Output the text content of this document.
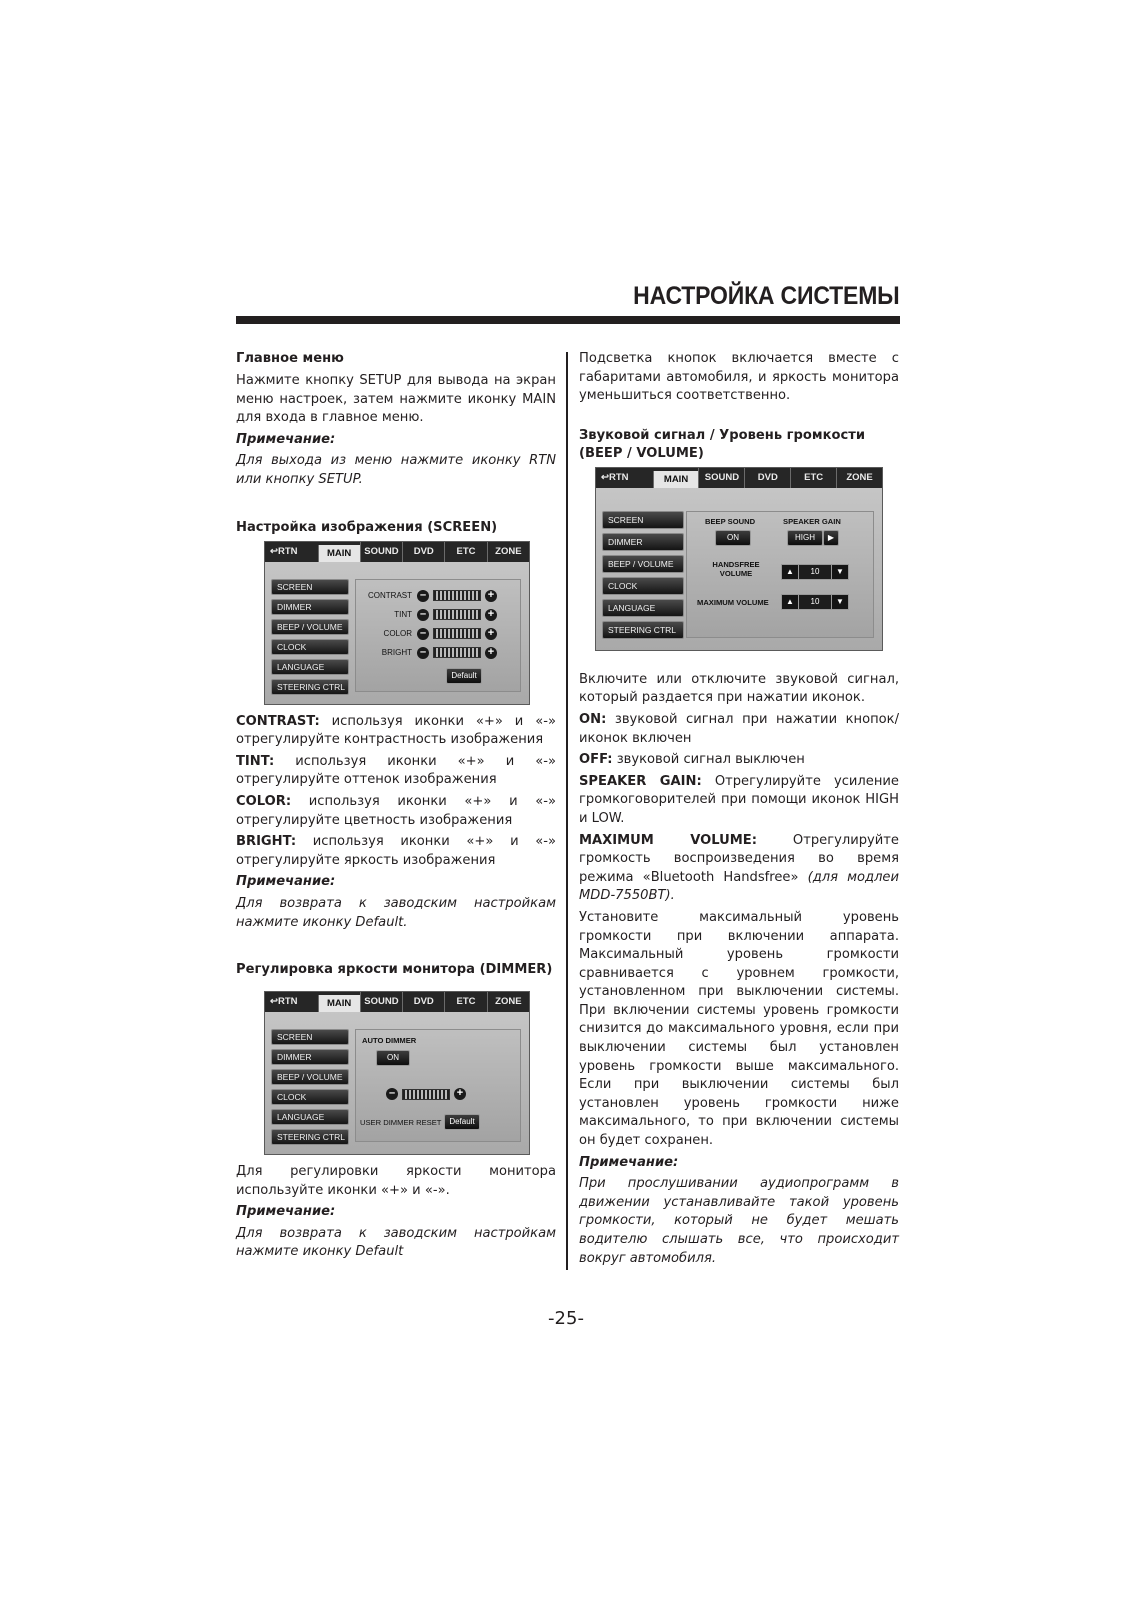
НАСТРОЙКА СИСТЕМЫ
Главное меню

Нажмите кнопку SETUP для вывода на экран меню настроек, затем нажмите иконку MAIN для входа в главное меню.

Примечание:

Для выхода из меню нажмите иконку RTN или кнопку SETUP.

Настройка изображения (SCREEN)
↩RTN	MAIN	SOUND	DVD	ETC	ZONE
SCREEN
DIMMER
BEEP / VOLUME
CLOCK
LANGUAGE
STEERING CTRL
CONTRAST –	+
TINT –	+
COLOR –	+
BRIGHT –	+
Default

CONTRAST: используя иконки «+» и «-» отрегулируйте контрастность изображения

TINT: используя иконки «+» и «-» отрегулируйте оттенок изображения

COLOR: используя иконки «+» и «-» отрегулируйте цветность изображения

BRIGHT: используя иконки «+» и «-» отрегулируйте яркость изображения

Примечание:

Для возврата к заводским настройкам нажмите иконку Default.

Регулировка яркости монитора (DIMMER)
↩RTN	MAIN	SOUND	DVD	ETC	ZONE
SCREEN
DIMMER
BEEP / VOLUME
CLOCK
LANGUAGE
STEERING CTRL
AUTO DIMMER
ON
–	+
USER DIMMER RESET Default

Для регулировки яркости монитора используйте иконки «+» и «-».

Примечание:

Для возврата к заводским настройкам нажмите иконку Default

Подсветка кнопок включается вместе с габаритами автомобиля, и яркость монитора уменьшиться соответственно.

Звуковой сигнал / Уровень громкости (BEEP / VOLUME)
↩RTN	MAIN	SOUND	DVD	ETC	ZONE
SCREEN
DIMMER
BEEP / VOLUME
CLOCK
LANGUAGE
STEERING CTRL
BEEP SOUND
ON
SPEAKER GAIN
HIGH	▶
HANDSFREE VOLUME	▲	10	▼
MAXIMUM VOLUME	▲	10	▼

Включите или отключите звуковой сигнал, который раздается при нажатии иконок.

ON: звуковой сигнал при нажатии кнопок/иконок включен

OFF: звуковой сигнал выключен

SPEAKER GAIN: Отрегулируйте усиление громкоговорителей при помощи иконок HIGH и LOW.

MAXIMUM VOLUME: Отрегулируйте громкость воспроизведения во время режима «Bluetooth Handsfree» (для модлеи MDD-7550BT).

Установите максимальный уровень громкости при включении аппарата. Максимальный уровень громкости сравнивается с уровнем громкости, установленном при выключении системы. При включении системы уровень громкости снизится до максимального уровня, если при выключении системы был установлен уровень громкости выше максимального. Если при выключении системы был установлен уровень громкости ниже максимального, то при включении системы он будет сохранен.

Примечание:

При прослушивании аудиопрограмм в движении устанавливайте такой уровень громкости, который не будет мешать водителю слышать все, что происходит вокруг автомобиля.

-25-
